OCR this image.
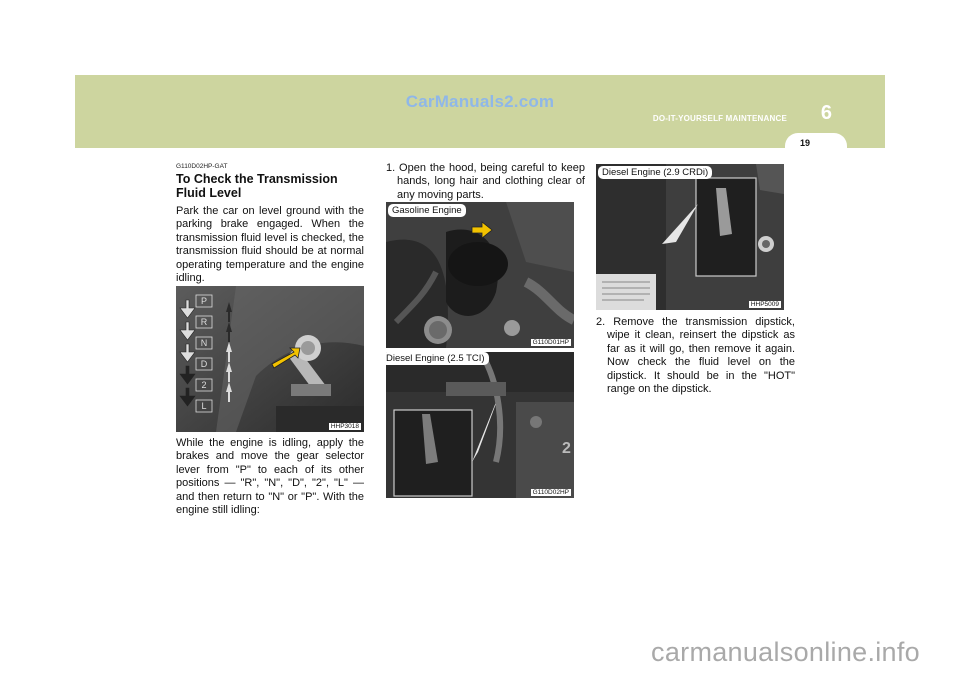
CarManuals2.com
DO-IT-YOURSELF MAINTENANCE 6
19
G110D02HP-GAT
To Check the Transmission Fluid Level
Park the car on level ground with the parking brake engaged. When the transmission fluid level is checked, the transmission fluid should be at normal operating temperature and the engine idling.
P
R
N
D
2
L
HHP3018
While the engine is idling, apply the brakes and move the gear selector lever from "P" to each of its other positions — "R", "N", "D", "2", "L" — and then return to "N" or "P". With the engine still idling:
1. Open the hood, being careful to keep hands, long hair and clothing clear of any moving parts.
Gasoline Engine
G110D01HP
2
Diesel Engine (2.5 TCI)
G110D02HP
Diesel Engine (2.9 CRDi)
HHP5009
2. Remove the transmission dipstick, wipe it clean, reinsert the dipstick as far as it will go, then remove it again. Now check the fluid level on the dipstick. It should be in the "HOT" range on the dipstick.
carmanualsonline.info
